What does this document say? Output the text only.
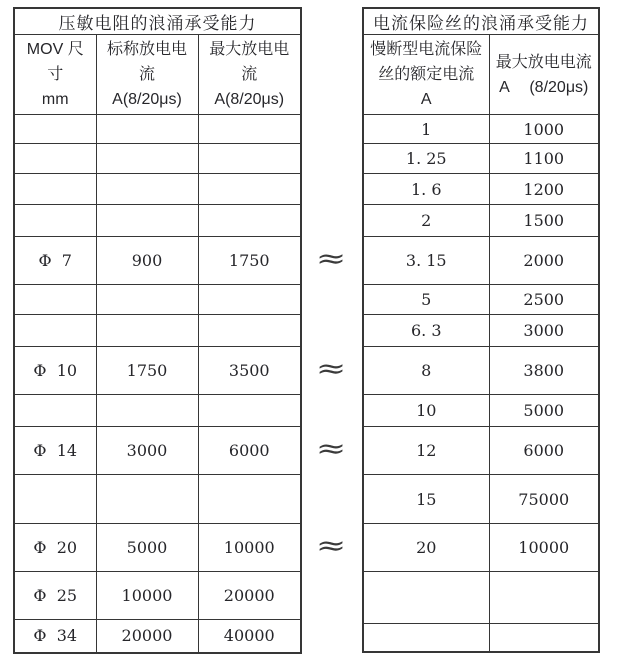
压敏电阻的浪涌承受能力		

MOV 尺
寸
mm

标称放电电
流
A(8/20μs)

最大放电电
流
A(8/20μs)

Φ  7	900	1750

Φ  10	1750	3500

Φ  14	3000	6000

Φ  20	5000	10000
Φ  25	10000	20000
Φ  34	20000	40000
电流保险丝的浪涌承受能力	

慢断型电流保险
丝的额定电流
A

最大放电电流
A　 (8/20μs)

1	1000
1. 25	1100
1. 6	1200
2	1500
3. 15	2000
5	2500
6. 3	3000
8	3800
10	5000
12	6000
15	75000
20	10000

≈
≈
≈
≈
